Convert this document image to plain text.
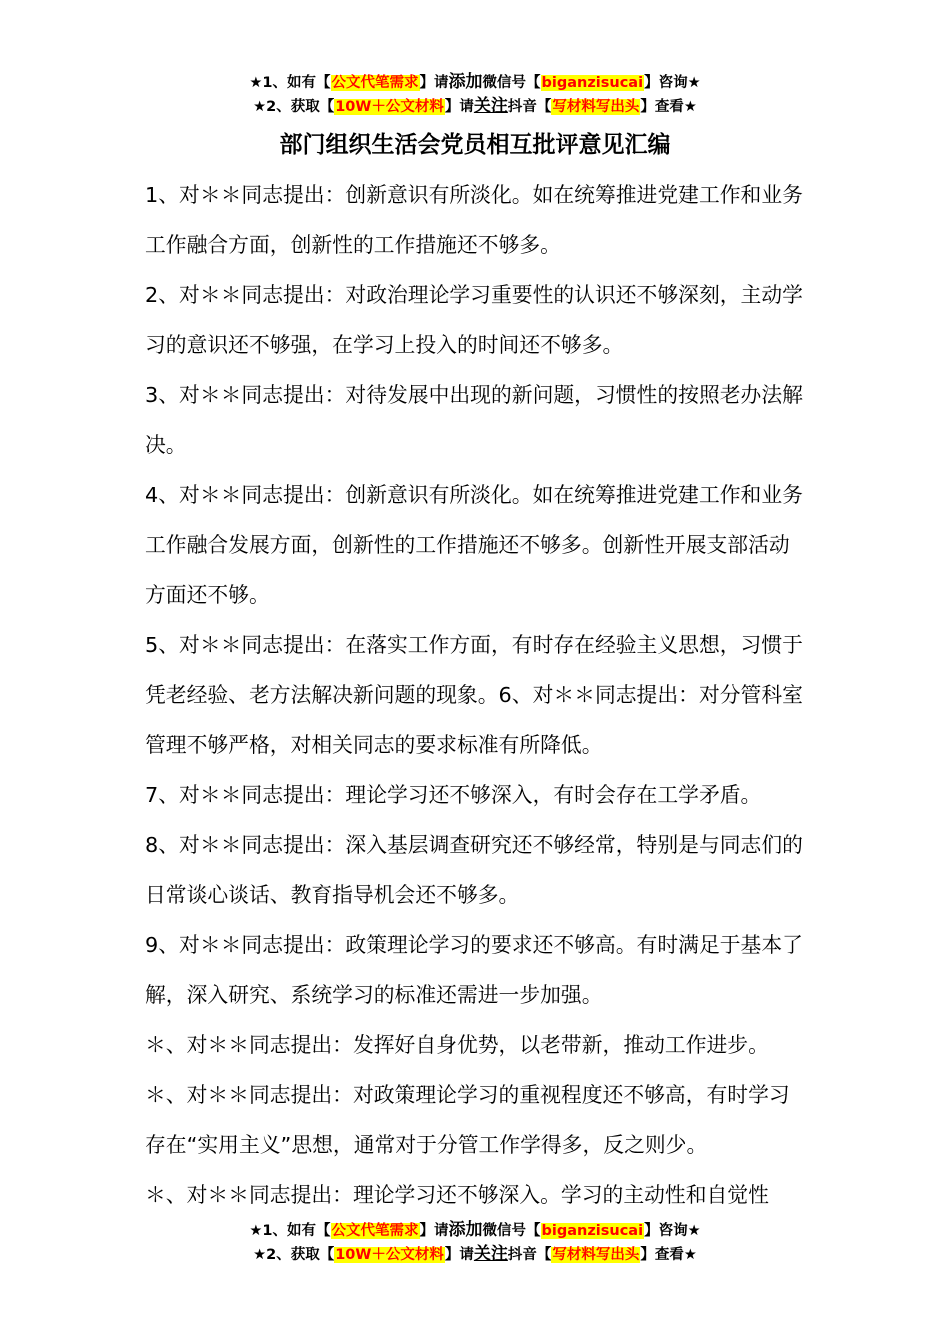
★1、如有【公文代笔需求】请添加微信号【biganzisucai】咨询★
★2、获取【10W＋公文材料】请关注抖音【写材料写出头】查看★
部门组织生活会党员相互批评意见汇编

1、对＊＊同志提出：创新意识有所淡化。如在统筹推进党建工作和业务工作融合方面，创新性的工作措施还不够多。

2、对＊＊同志提出：对政治理论学习重要性的认识还不够深刻，主动学习的意识还不够强，在学习上投入的时间还不够多。

3、对＊＊同志提出：对待发展中出现的新问题，习惯性的按照老办法解决。

4、对＊＊同志提出：创新意识有所淡化。如在统筹推进党建工作和业务工作融合发展方面，创新性的工作措施还不够多。创新性开展支部活动方面还不够。

5、对＊＊同志提出：在落实工作方面，有时存在经验主义思想，习惯于凭老经验、老方法解决新问题的现象。6、对＊＊同志提出：对分管科室管理不够严格，对相关同志的要求标准有所降低。

7、对＊＊同志提出：理论学习还不够深入，有时会存在工学矛盾。

8、对＊＊同志提出：深入基层调查研究还不够经常，特别是与同志们的日常谈心谈话、教育指导机会还不够多。

9、对＊＊同志提出：政策理论学习的要求还不够高。有时满足于基本了解，深入研究、系统学习的标准还需进一步加强。

＊、对＊＊同志提出：发挥好自身优势，以老带新，推动工作进步。

＊、对＊＊同志提出：对政策理论学习的重视程度还不够高，有时学习存在“实用主义”思想，通常对于分管工作学得多，反之则少。

＊、对＊＊同志提出：理论学习还不够深入。学习的主动性和自觉性

★1、如有【公文代笔需求】请添加微信号【biganzisucai】咨询★
★2、获取【10W＋公文材料】请关注抖音【写材料写出头】查看★
